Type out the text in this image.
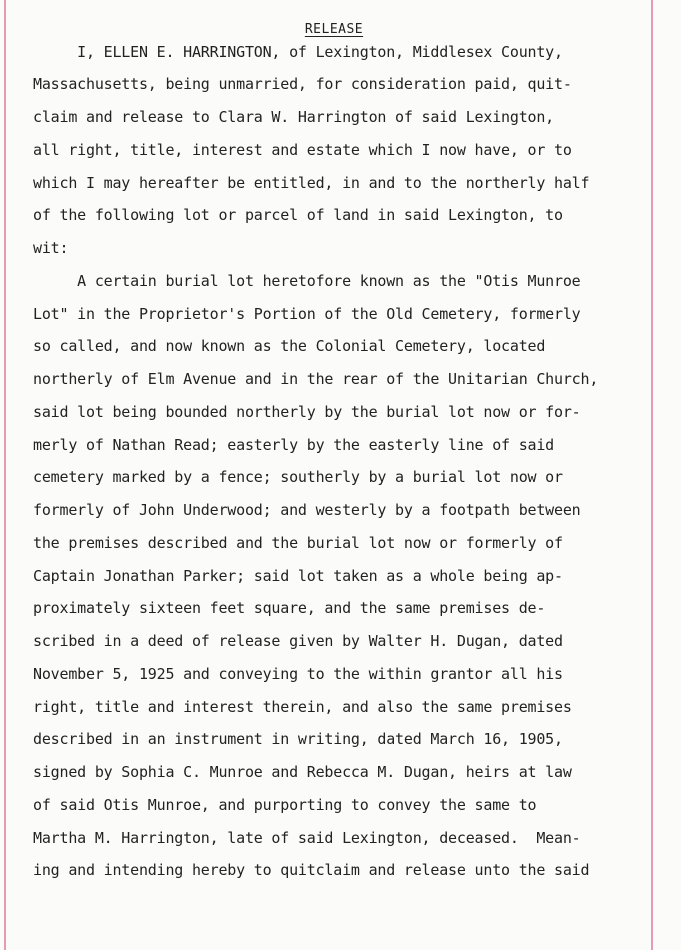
RELEASE
I, ELLEN E. HARRINGTON, of Lexington, Middlesex County,
Massachusetts, being unmarried, for consideration paid, quit-
claim and release to Clara W. Harrington of said Lexington,
all right, title, interest and estate which I now have, or to
which I may hereafter be entitled, in and to the northerly half
of the following lot or parcel of land in said Lexington, to
wit:
A certain burial lot heretofore known as the "Otis Munroe
Lot" in the Proprietor's Portion of the Old Cemetery, formerly
so called, and now known as the Colonial Cemetery, located
northerly of Elm Avenue and in the rear of the Unitarian Church,
said lot being bounded northerly by the burial lot now or for-
merly of Nathan Read; easterly by the easterly line of said
cemetery marked by a fence; southerly by a burial lot now or
formerly of John Underwood; and westerly by a footpath between
the premises described and the burial lot now or formerly of
Captain Jonathan Parker; said lot taken as a whole being ap-
proximately sixteen feet square, and the same premises de-
scribed in a deed of release given by Walter H. Dugan, dated
November 5, 1925 and conveying to the within grantor all his
right, title and interest therein, and also the same premises
described in an instrument in writing, dated March 16, 1905,
signed by Sophia C. Munroe and Rebecca M. Dugan, heirs at law
of said Otis Munroe, and purporting to convey the same to
Martha M. Harrington, late of said Lexington, deceased.  Mean-
ing and intending hereby to quitclaim and release unto the said
